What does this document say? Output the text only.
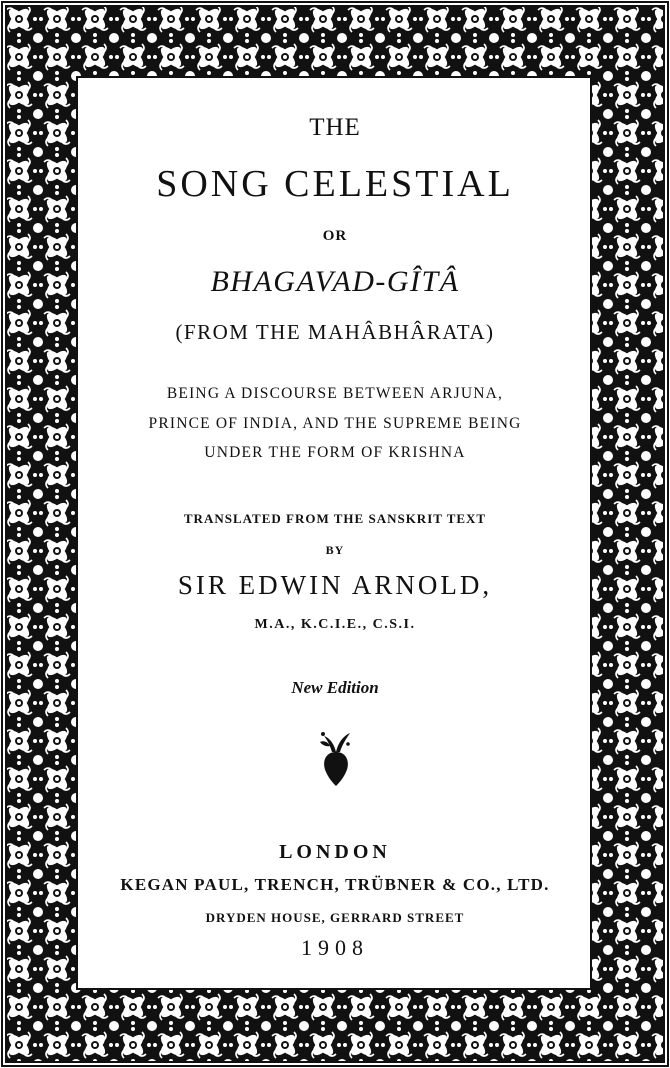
THE

SONG CELESTIAL

OR

BHAGAVAD-GÎTÂ

(FROM THE MAHÂBHÂRATA)

BEING A DISCOURSE BETWEEN ARJUNA,

PRINCE OF INDIA, AND THE SUPREME BEING

UNDER THE FORM OF KRISHNA

TRANSLATED FROM THE SANSKRIT TEXT

BY

SIR EDWIN ARNOLD,

M.A., K.C.I.E., C.S.I.

New Edition

LONDON

KEGAN PAUL, TRENCH, TRÜBNER & CO., LTD.

DRYDEN HOUSE, GERRARD STREET

1908
